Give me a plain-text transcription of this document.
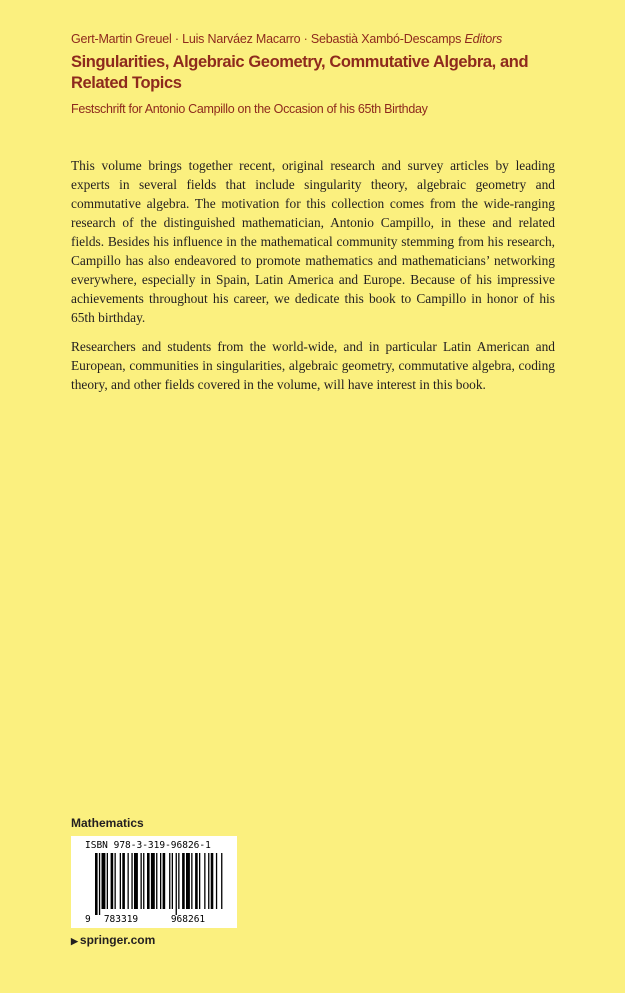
Gert-Martin Greuel · Luis Narváez Macarro · Sebastià Xambó-Descamps Editors
Singularities, Algebraic Geometry, Commutative Algebra, and Related Topics
Festschrift for Antonio Campillo on the Occasion of his 65th Birthday

This volume brings together recent, original research and survey articles by leading experts in several fields that include singularity theory, algebraic geometry and commutative algebra. The motivation for this collection comes from the wide-ranging research of the distinguished mathematician, Antonio Campillo, in these and related fields. Besides his influence in the mathematical community stemming from his research, Campillo has also endeavored to promote mathematics and mathematicians’ networking everywhere, especially in Spain, Latin America and Europe. Because of his impressive achievements throughout his career, we dedicate this book to Campillo in honor of his 65th birthday.

Researchers and students from the world-wide, and in particular Latin American and European, communities in singularities, algebraic geometry, commutative algebra, coding theory, and other fields covered in the volume, will have interest in this book.

Mathematics
ISBN 978-3-319-96826-1
9 783319	968261
▶ springer.com
